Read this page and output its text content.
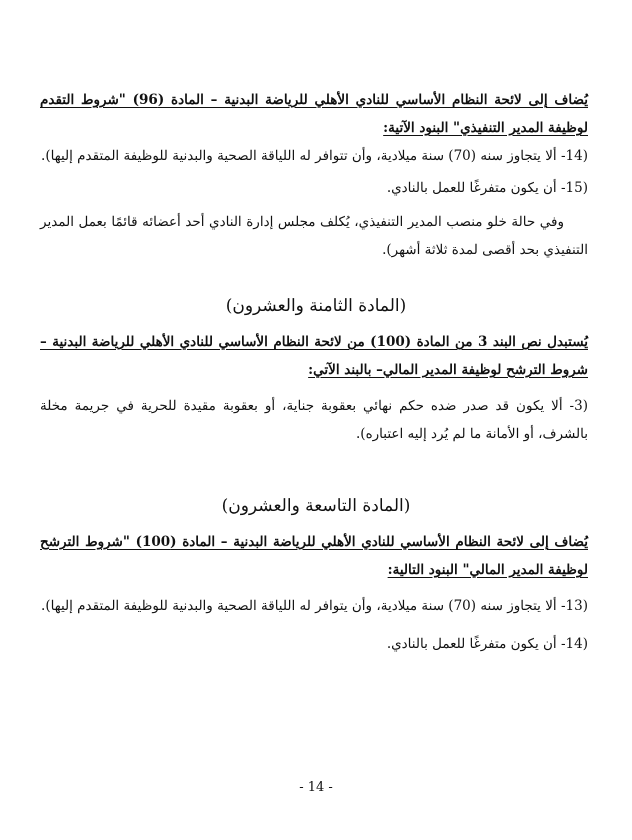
يُضاف إلى لائحة النظام الأساسي للنادي الأهلي للرياضة البدنية – المادة (96) "شروط التقدم لوظيفة المدير التنفيذي" البنود الآتية:
(14- ألا يتجاوز سنه (70) سنة ميلادية، وأن تتوافر له اللياقة الصحية والبدنية للوظيفة المتقدم إليها).
(15- أن يكون متفرغًا للعمل بالنادي.
وفي حالة خلو منصب المدير التنفيذي، يُكلف مجلس إدارة النادي أحد أعضائه قائمًا بعمل المدير التنفيذي بحد أقصى لمدة ثلاثة أشهر).
(المادة الثامنة والعشرون)
يُستبدل نص البند 3 من المادة (100) من لائحة النظام الأساسي للنادي الأهلي للرياضة البدنية – شروط الترشح لوظيفة المدير المالي– بالبند الآتي:
(3- ألا يكون قد صدر ضده حكم نهائي بعقوبة جناية، أو بعقوبة مقيدة للحرية في جريمة مخلة بالشرف، أو الأمانة ما لم يُرد إليه اعتباره).
(المادة التاسعة والعشرون)
يُضاف إلى لائحة النظام الأساسي للنادي الأهلي للرياضة البدنية – المادة (100) "شروط الترشح لوظيفة المدير المالي" البنود التالية:
(13- ألا يتجاوز سنه (70) سنة ميلادية، وأن يتوافر له اللياقة الصحية والبدنية للوظيفة المتقدم إليها).
(14- أن يكون متفرغًا للعمل بالنادي.
- 14 -
